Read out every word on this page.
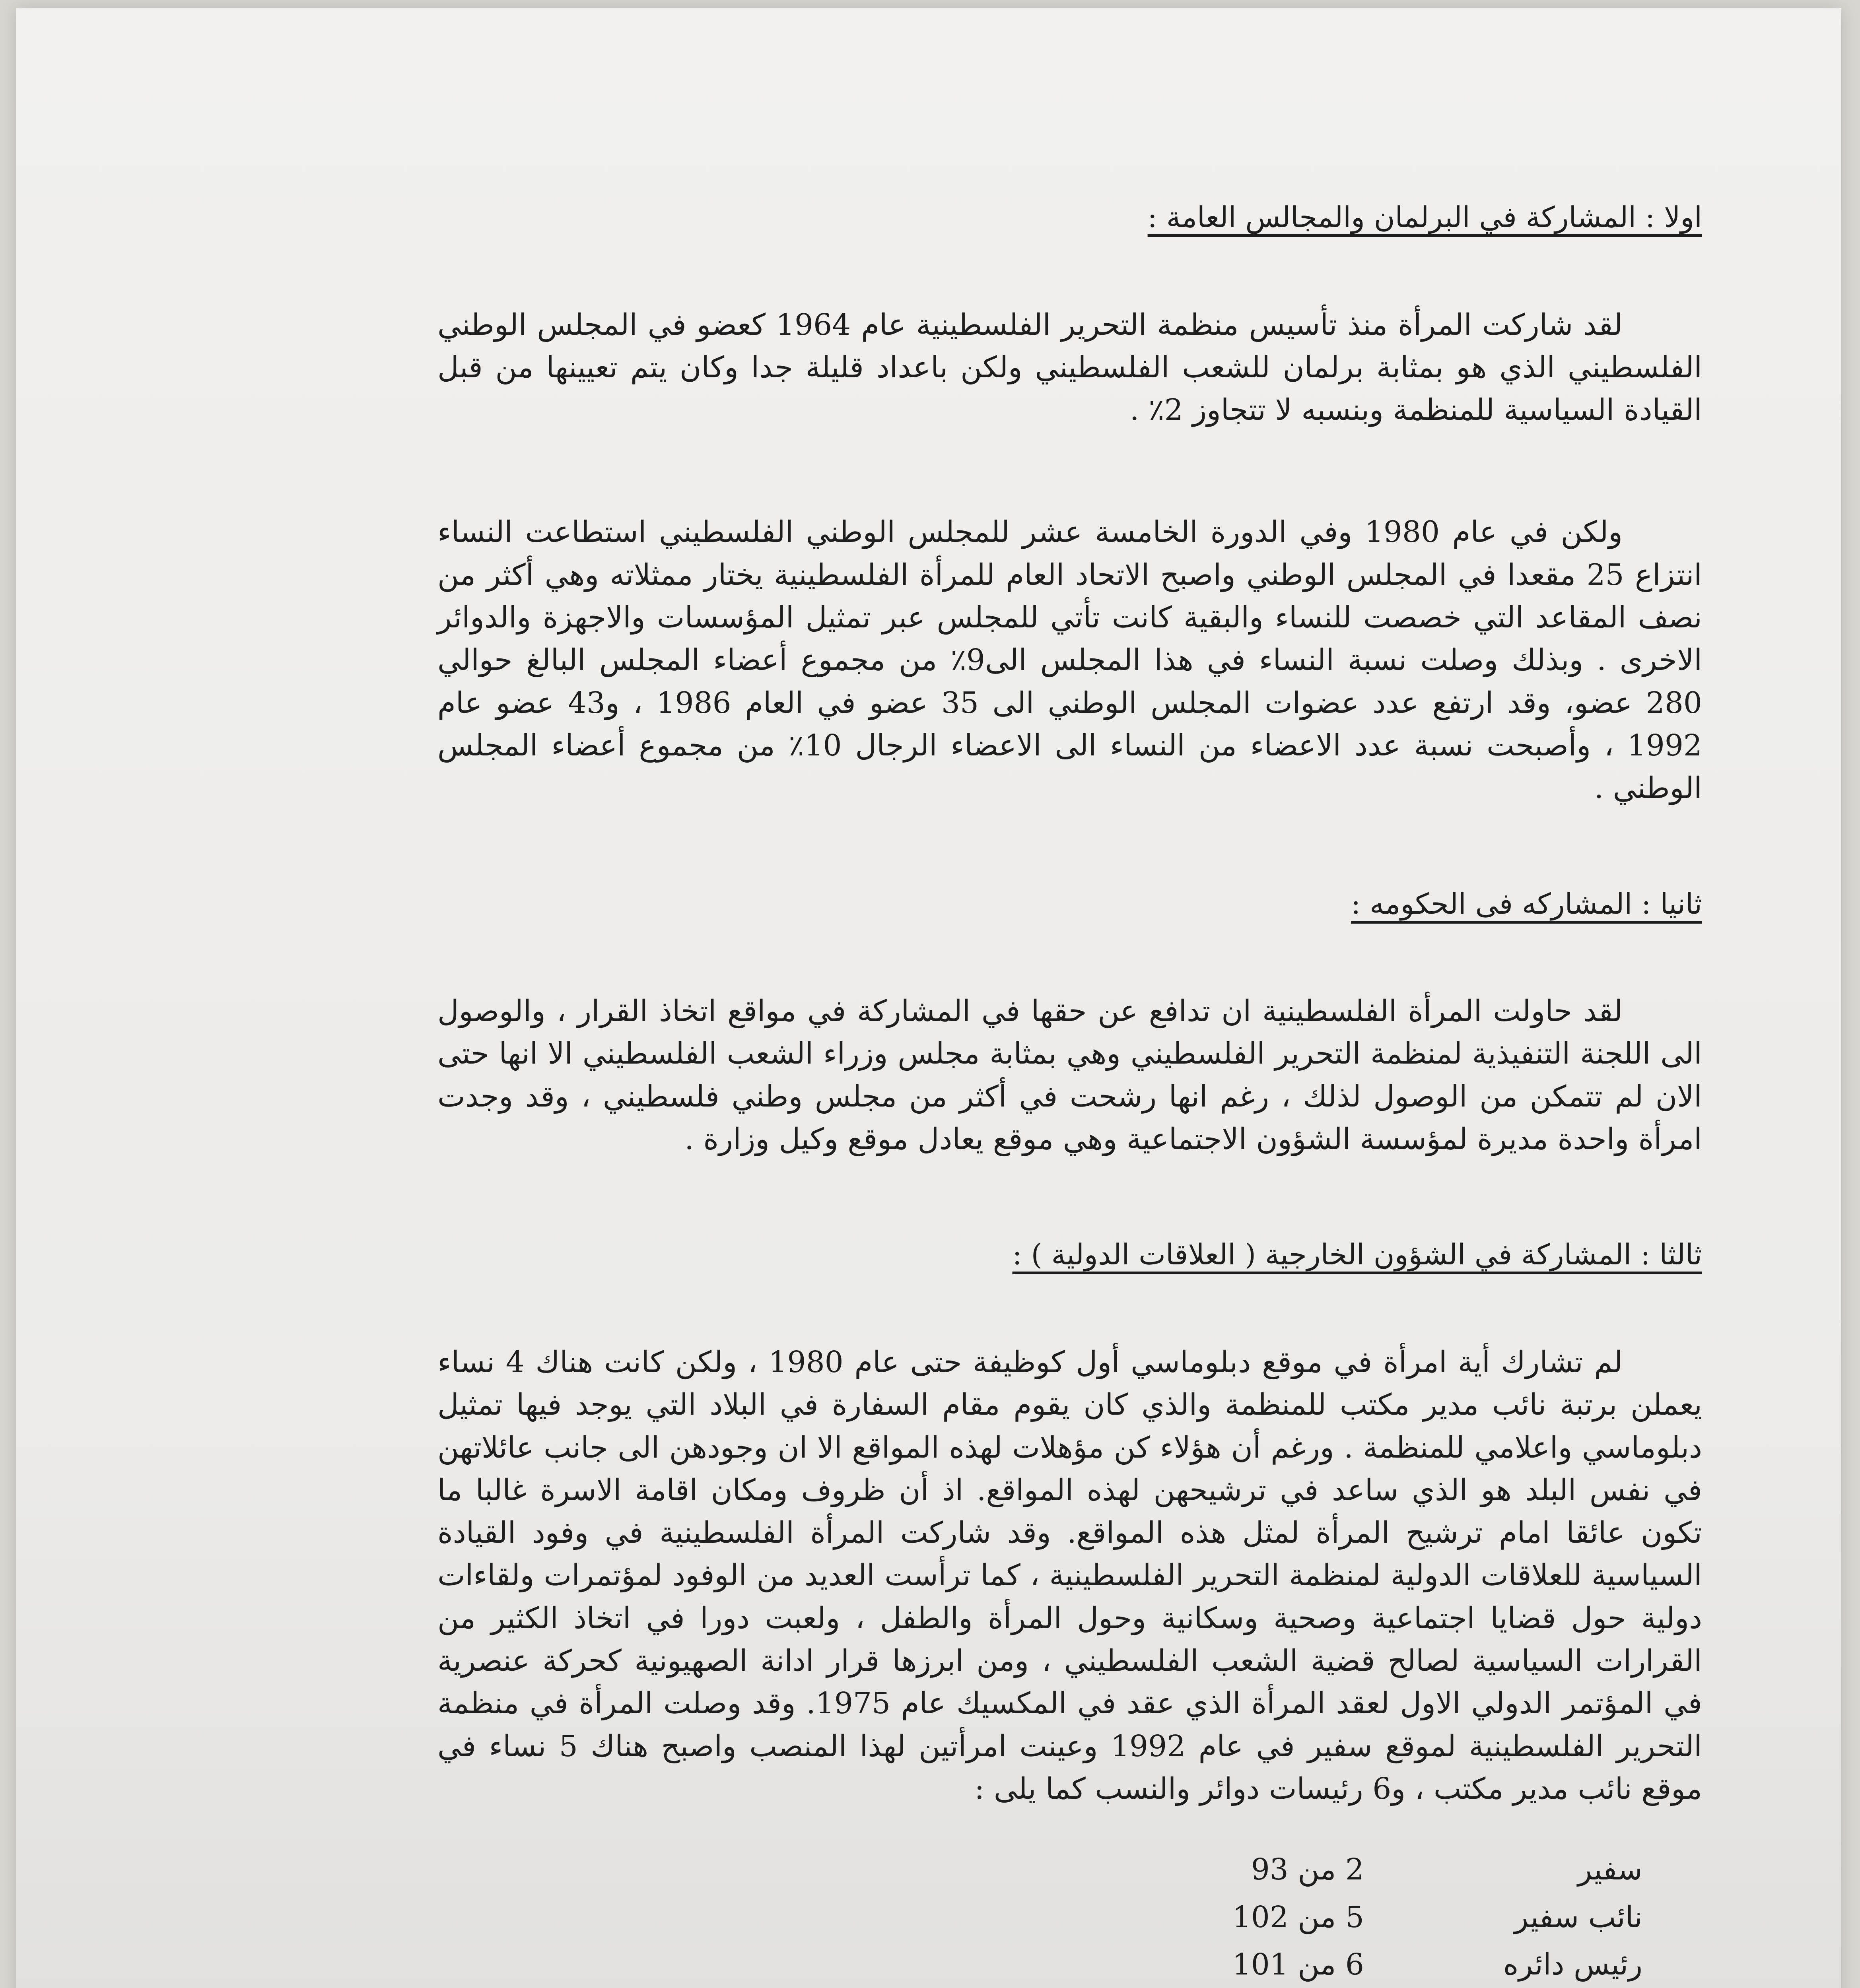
اولا : المشاركة في البرلمان والمجالس العامة :

لقد شاركت المرأة منذ تأسيس منظمة التحرير الفلسطينية عام 1964 كعضو في المجلس الوطني الفلسطيني الذي هو بمثابة برلمان للشعب الفلسطيني ولكن باعداد قليلة جدا وكان يتم تعيينها من قبل القيادة السياسية للمنظمة وبنسبه لا تتجاوز 2٪ .

ولكن في عام 1980 وفي الدورة الخامسة عشر للمجلس الوطني الفلسطيني استطاعت النساء انتزاع 25 مقعدا في المجلس الوطني واصبح الاتحاد العام للمرأة الفلسطينية يختار ممثلاته وهي أكثر من نصف المقاعد التي خصصت للنساء والبقية كانت تأتي للمجلس عبر تمثيل المؤسسات والاجهزة والدوائر الاخرى . وبذلك وصلت نسبة النساء في هذا المجلس الى9٪ من مجموع أعضاء المجلس البالغ حوالي 280 عضو، وقد ارتفع عدد عضوات المجلس الوطني الى 35 عضو في العام 1986 ، و43 عضو عام 1992 ، وأصبحت نسبة عدد الاعضاء من النساء الى الاعضاء الرجال 10٪ من مجموع أعضاء المجلس الوطني .

ثانيا : المشاركه فى الحكومه :

لقد حاولت المرأة الفلسطينية ان تدافع عن حقها في المشاركة في مواقع اتخاذ القرار ، والوصول الى اللجنة التنفيذية لمنظمة التحرير الفلسطيني وهي بمثابة مجلس وزراء الشعب الفلسطيني الا انها حتى الان لم تتمكن من الوصول لذلك ، رغم انها رشحت في أكثر من مجلس وطني فلسطيني ، وقد وجدت امرأة واحدة مديرة لمؤسسة الشؤون الاجتماعية وهي موقع يعادل موقع وكيل وزارة .

ثالثا : المشاركة في الشؤون الخارجية ( العلاقات الدولية ) :

لم تشارك أية امرأة في موقع دبلوماسي أول كوظيفة حتى عام 1980 ، ولكن كانت هناك 4 نساء يعملن برتبة نائب مدير مكتب للمنظمة والذي كان يقوم مقام السفارة في البلاد التي يوجد فيها تمثيل دبلوماسي واعلامي للمنظمة . ورغم أن هؤلاء كن مؤهلات لهذه المواقع الا ان وجودهن الى جانب عائلاتهن في نفس البلد هو الذي ساعد في ترشيحهن لهذه المواقع. اذ أن ظروف ومكان اقامة الاسرة غالبا ما تكون عائقا امام ترشيح المرأة لمثل هذه المواقع. وقد شاركت المرأة الفلسطينية في وفود القيادة السياسية للعلاقات الدولية لمنظمة التحرير الفلسطينية ، كما ترأست العديد من الوفود لمؤتمرات ولقاءات دولية حول قضايا اجتماعية وصحية وسكانية وحول المرأة والطفل ، ولعبت دورا في اتخاذ الكثير من القرارات السياسية لصالح قضية الشعب الفلسطيني ، ومن ابرزها قرار ادانة الصهيونية كحركة عنصرية في المؤتمر الدولي الاول لعقد المرأة الذي عقد في المكسيك عام 1975. وقد وصلت المرأة في منظمة التحرير الفلسطينية لموقع سفير في عام 1992 وعينت امرأتين لهذا المنصب واصبح هناك 5 نساء في موقع نائب مدير مكتب ، و6 رئيسات دوائر والنسب كما يلى :

سفير	2 من 93
نائب سفير	5 من 102
رئيس دائره	6 من 101
